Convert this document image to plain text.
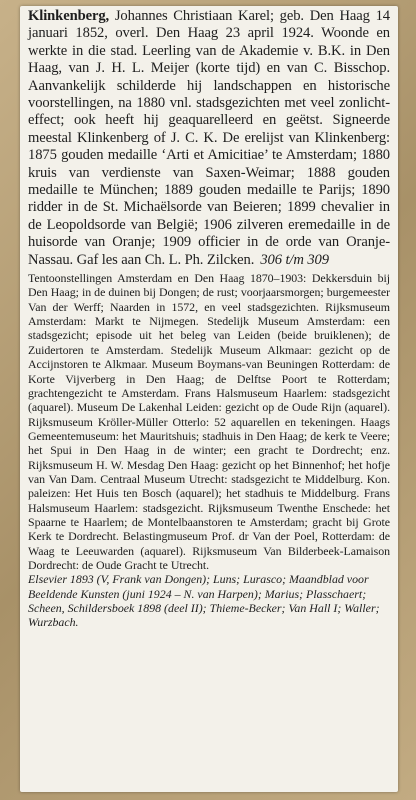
Klinkenberg, Johannes Christiaan Karel; geb. Den Haag 14 januari 1852, overl. Den Haag 23 april 1924. Woonde en werkte in die stad. Leerling van de Akademie v. B.K. in Den Haag, van J. H. L. Meijer (korte tijd) en van C. Bisschop. Aanvankelijk schilderde hij landschappen en historische voorstellingen, na 1880 vnl. stadsgezichten met veel zonlicht-effect; ook heeft hij geaquarelleerd en geëtst. Signeerde meestal Klinkenberg of J. C. K. De erelijst van Klinkenberg: 1875 gouden medaille ‘Arti et Amicitiae’ te Amsterdam; 1880 kruis van verdienste van Saxen-Weimar; 1888 gouden medaille te München; 1889 gouden medaille te Parijs; 1890 ridder in de St. Michaëlsorde van Beieren; 1899 chevalier in de Leopoldsorde van België; 1906 zilveren eremedaille in de huisorde van Oranje; 1909 officier in de orde van Oranje-Nassau. Gaf les aan Ch. L. Ph. Zilcken. 306 t/m 309

Tentoonstellingen Amsterdam en Den Haag 1870–1903: Dekkersduin bij Den Haag; in de duinen bij Dongen; de rust; voorjaarsmorgen; burgemeester Van der Werff; Naarden in 1572, en veel stadsgezichten. Rijksmuseum Amsterdam: Markt te Nijmegen. Stedelijk Museum Amsterdam: een stadsgezicht; episode uit het beleg van Leiden (beide bruiklenen); de Zuidertoren te Amsterdam. Stedelijk Museum Alkmaar: gezicht op de Accijnstoren te Alkmaar. Museum Boymans-van Beuningen Rotterdam: de Korte Vijverberg in Den Haag; de Delftse Poort te Rotterdam; grachtengezicht te Amsterdam. Frans Halsmuseum Haarlem: stadsgezicht (aquarel). Museum De Lakenhal Leiden: gezicht op de Oude Rijn (aquarel). Rijksmuseum Kröller-Müller Otterlo: 52 aquarellen en tekeningen. Haags Gemeentemuseum: het Mauritshuis; stadhuis in Den Haag; de kerk te Veere; het Spui in Den Haag in de winter; een gracht te Dordrecht; enz. Rijksmuseum H. W. Mesdag Den Haag: gezicht op het Binnenhof; het hofje van Van Dam. Centraal Museum Utrecht: stadsgezicht te Middelburg. Kon. paleizen: Het Huis ten Bosch (aquarel); het stadhuis te Middelburg. Frans Halsmuseum Haarlem: stadsgezicht. Rijksmuseum Twenthe Enschede: het Spaarne te Haarlem; de Montelbaanstoren te Amsterdam; gracht bij Grote Kerk te Dordrecht. Belastingmuseum Prof. dr Van der Poel, Rotterdam: de Waag te Leeuwarden (aquarel). Rijksmuseum Van Bilderbeek-Lamaison Dordrecht: de Oude Gracht te Utrecht.

Elsevier 1893 (V, Frank van Dongen); Luns; Lurasco; Maandblad voor Beeldende Kunsten (juni 1924 – N. van Harpen); Marius; Plasschaert; Scheen, Schildersboek 1898 (deel II); Thieme-Becker; Van Hall I; Waller; Wurzbach.
